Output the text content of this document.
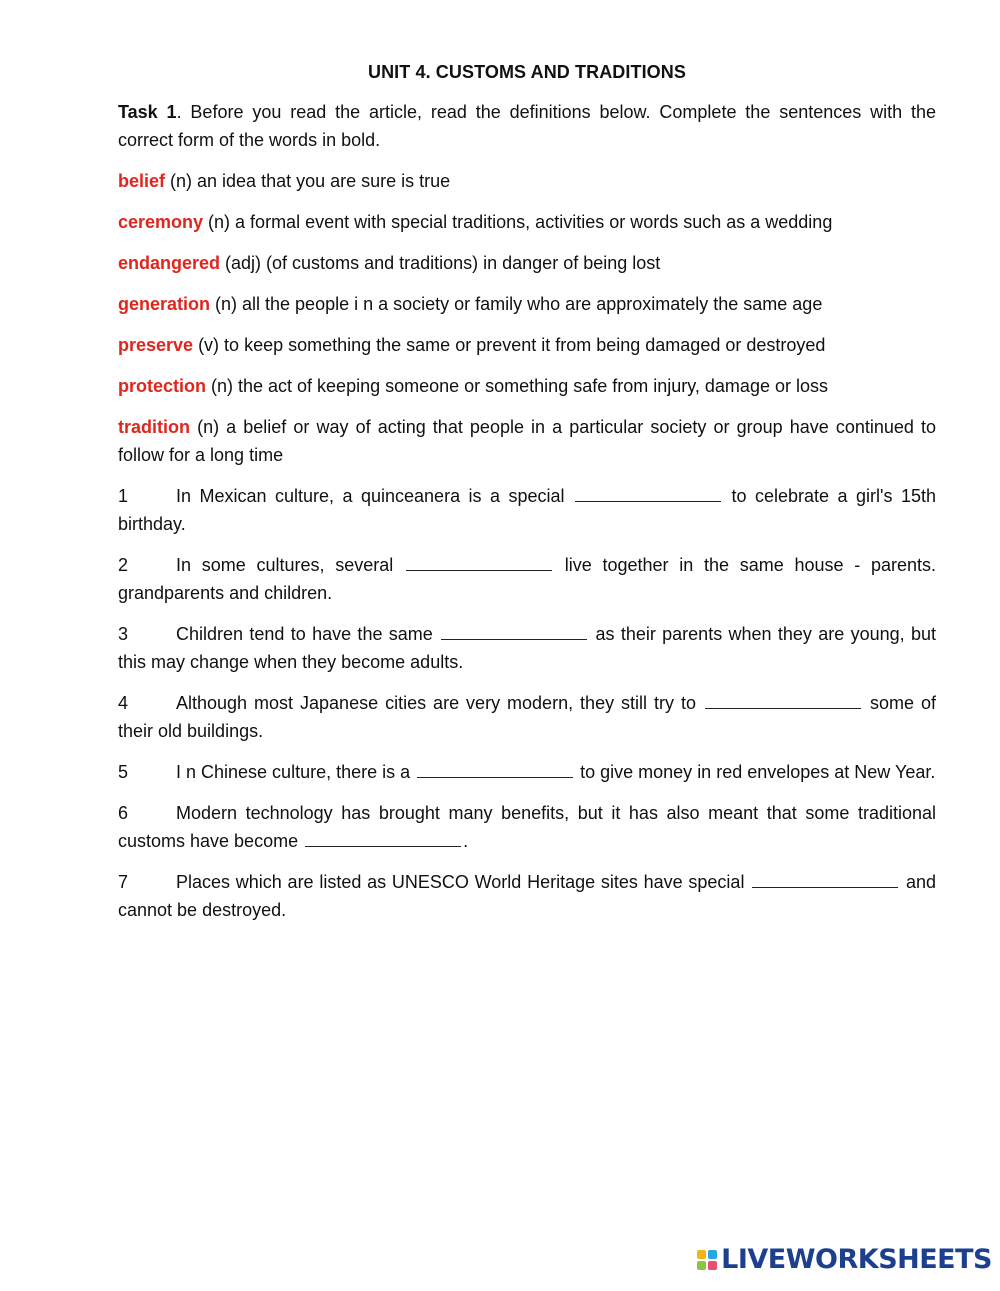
UNIT 4. CUSTOMS AND TRADITIONS

Task 1. Before you read the article, read the definitions below. Complete the sentences with the correct form of the words in bold.

belief (n) an idea that you are sure is true

ceremony (n) a formal event with special traditions, activities or words such as a wedding

endangered (adj) (of customs and traditions) in danger of being lost

generation (n) all the people i n a society or family who are approximately the same age

preserve (v) to keep something the same or prevent it from being damaged or destroyed

protection (n) the act of keeping someone or something safe from injury, damage or loss

tradition (n) a belief or way of acting that people in a particular society or group have continued to follow for a long time

1	In Mexican culture, a quinceanera is a special	to celebrate a girl's 15th birthday.

2	In some cultures, several	live together in the same house - parents. grandparents and children.

3	Children tend to have the same	as their parents when they are young, but this may change when they become adults.

4	Although most Japanese cities are very modern, they still try to	some of their old buildings.

5	I n Chinese culture, there is a	to give money in red envelopes at New Year.

6	Modern technology has brought many benefits, but it has also meant that some traditional customs have become	.

7	Places which are listed as UNESCO World Heritage sites have special	and cannot be destroyed.

LIVEWORKSHEETS
